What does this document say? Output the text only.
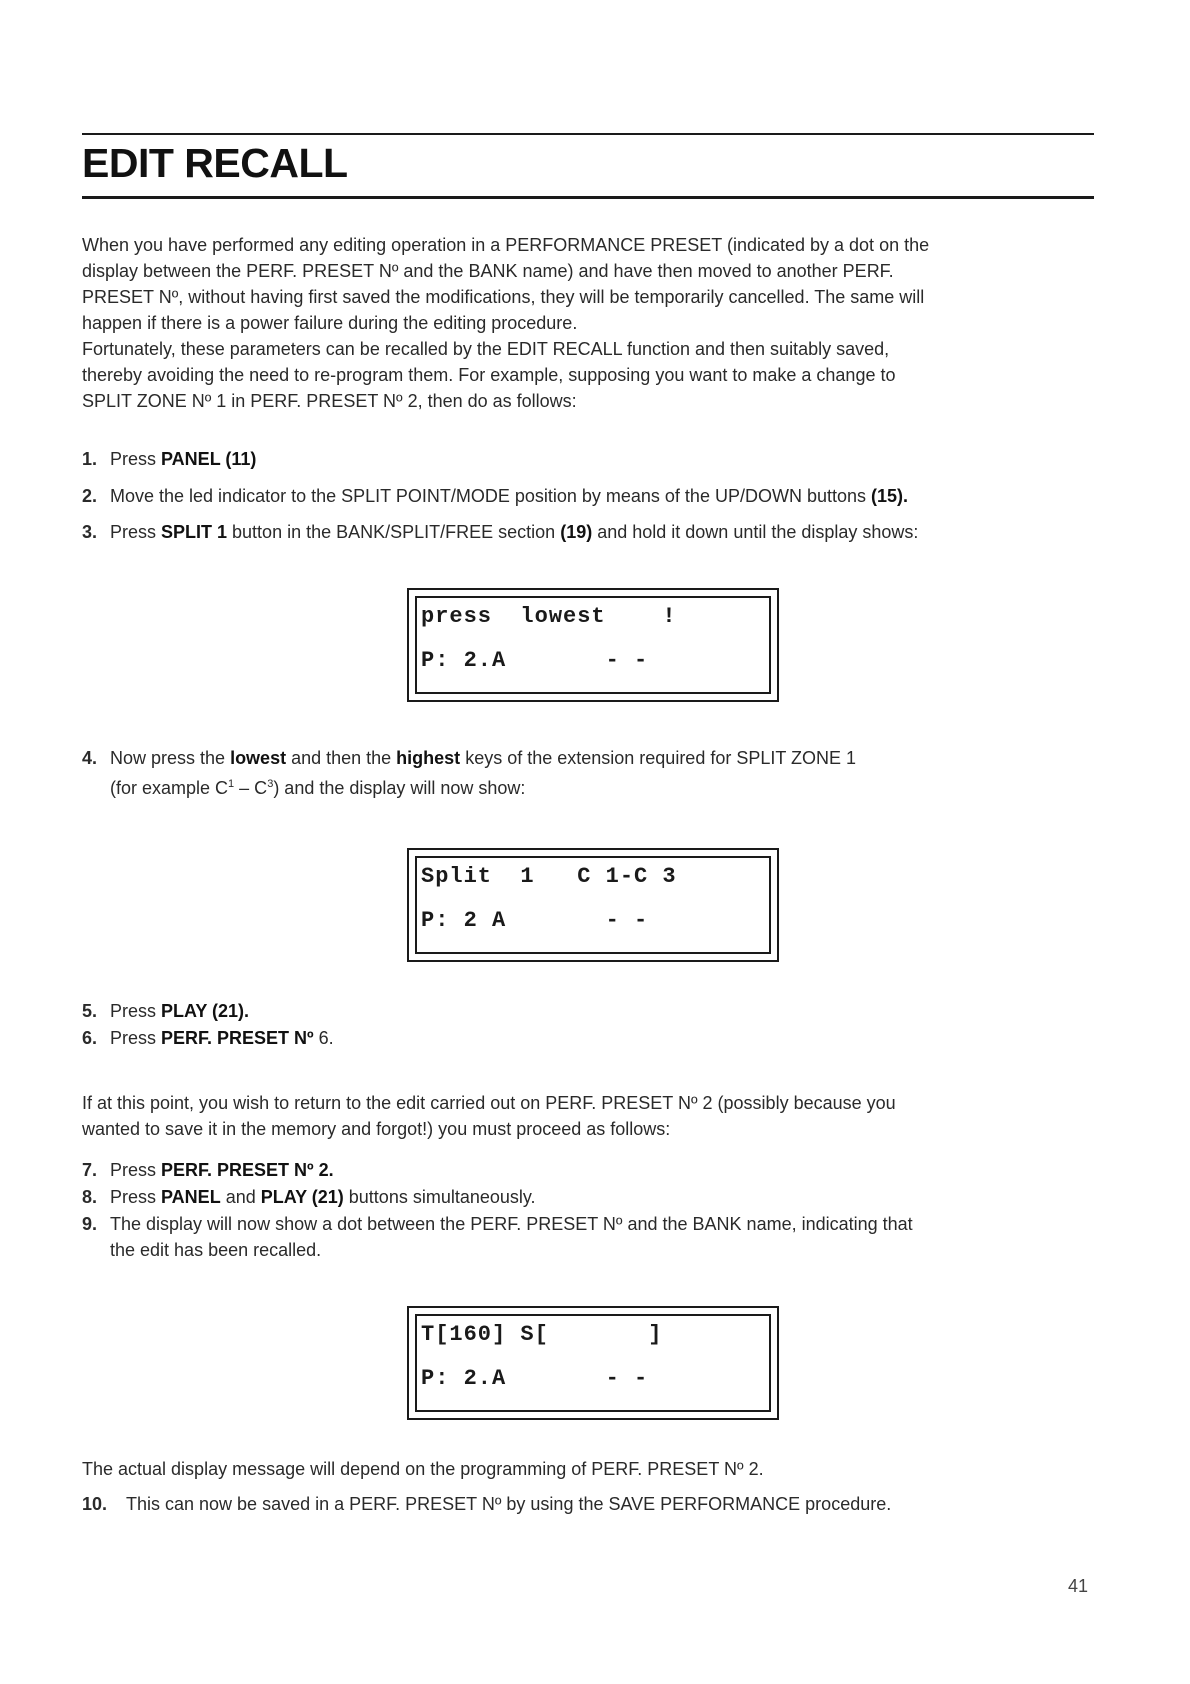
EDIT RECALL
When you have performed any editing operation in a PERFORMANCE PRESET (indicated by a dot on the
display between the PERF. PRESET Nº and the BANK name) and have then moved to another PERF.
PRESET Nº, without having first saved the modifications, they will be temporarily cancelled. The same will
happen if there is a power failure during the editing procedure.
Fortunately, these parameters can be recalled by the EDIT RECALL function and then suitably saved,
thereby avoiding the need to re-program them. For example, supposing you want to make a change to
SPLIT ZONE Nº 1 in PERF. PRESET Nº 2, then do as follows:
1. Press PANEL (11)
2. Move the led indicator to the SPLIT POINT/MODE position by means of the UP/DOWN buttons (15).
3. Press SPLIT 1 button in the BANK/SPLIT/FREE section (19) and hold it down until the display shows:
press  lowest    !
P: 2.A       - -
4. Now press the lowest and then the highest keys of the extension required for SPLIT ZONE 1
(for example $C^1 - C^3$) and the display will now show:
Split  1   C 1-C 3
P: 2 A       - -
5. Press PLAY (21).
6. Press PERF. PRESET Nº 6.
If at this point, you wish to return to the edit carried out on PERF. PRESET Nº 2 (possibly because you
wanted to save it in the memory and forgot!) you must proceed as follows:
7. Press PERF. PRESET Nº 2.
8. Press PANEL and PLAY (21) buttons simultaneously.
9. The display will now show a dot between the PERF. PRESET Nº and the BANK name, indicating that
the edit has been recalled.
T[160] S[       ]
P: 2.A       - -
The actual display message will depend on the programming of PERF. PRESET Nº 2.
10. This can now be saved in a PERF. PRESET Nº by using the SAVE PERFORMANCE procedure.
41
